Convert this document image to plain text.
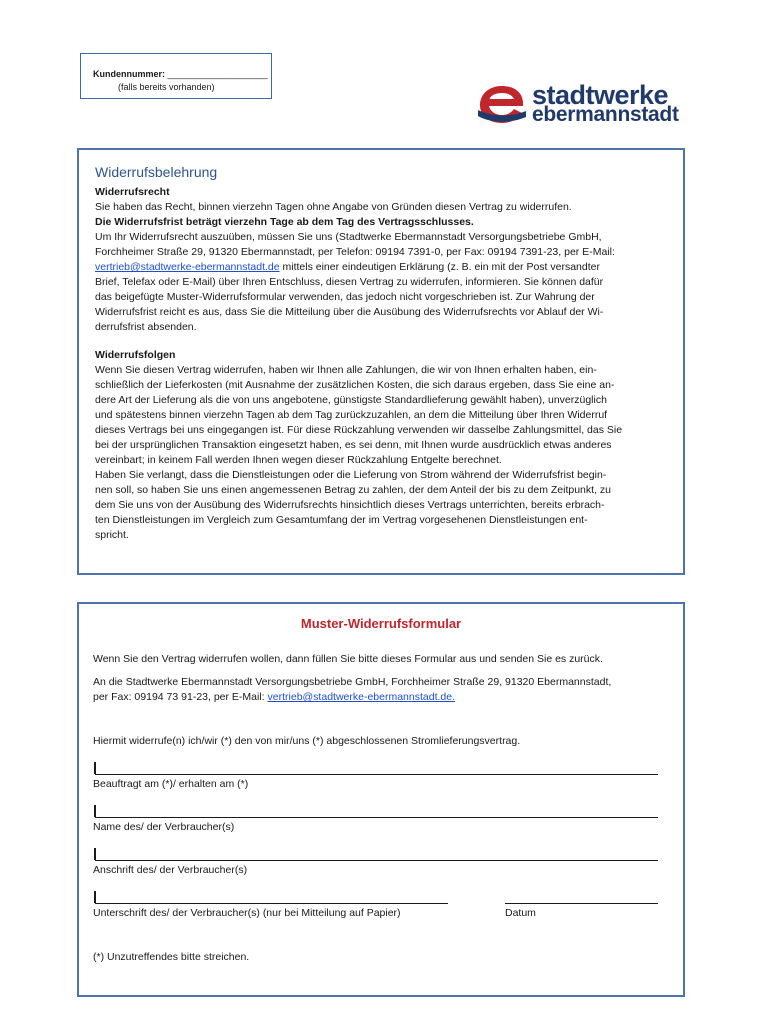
Kundennummer: ____________________
(falls bereits vorhanden)	stadtwerke
ebermannstadt
Widerrufsbelehrung

Widerrufsrecht

Sie haben das Recht, binnen vierzehn Tagen ohne Angabe von Gründen diesen Vertrag zu widerrufen.

Die Widerrufsfrist beträgt vierzehn Tage ab dem Tag des Vertragsschlusses.

Um Ihr Widerrufsrecht auszuüben, müssen Sie uns (Stadtwerke Ebermannstadt Versorgungsbetriebe GmbH,

Forchheimer Straße 29, 91320 Ebermannstadt, per Telefon: 09194 7391-0, per Fax: 09194 7391-23, per E-Mail:

vertrieb@stadtwerke-ebermannstadt.de mittels einer eindeutigen Erklärung (z. B. ein mit der Post versandter

Brief, Telefax oder E-Mail) über Ihren Entschluss, diesen Vertrag zu widerrufen, informieren. Sie können dafür

das beigefügte Muster-Widerrufsformular verwenden, das jedoch nicht vorgeschrieben ist. Zur Wahrung der

Widerrufsfrist reicht es aus, dass Sie die Mitteilung über die Ausübung des Widerrufsrechts vor Ablauf der Wi-

derrufsfrist absenden.

Widerrufsfolgen

Wenn Sie diesen Vertrag widerrufen, haben wir Ihnen alle Zahlungen, die wir von Ihnen erhalten haben, ein-

schließlich der Lieferkosten (mit Ausnahme der zusätzlichen Kosten, die sich daraus ergeben, dass Sie eine an-

dere Art der Lieferung als die von uns angebotene, günstigste Standardlieferung gewählt haben), unverzüglich

und spätestens binnen vierzehn Tagen ab dem Tag zurückzuzahlen, an dem die Mitteilung über Ihren Widerruf

dieses Vertrags bei uns eingegangen ist. Für diese Rückzahlung verwenden wir dasselbe Zahlungsmittel, das Sie

bei der ursprünglichen Transaktion eingesetzt haben, es sei denn, mit Ihnen wurde ausdrücklich etwas anderes

vereinbart; in keinem Fall werden Ihnen wegen dieser Rückzahlung Entgelte berechnet.

Haben Sie verlangt, dass die Dienstleistungen oder die Lieferung von Strom während der Widerrufsfrist begin-

nen soll, so haben Sie uns einen angemessenen Betrag zu zahlen, der dem Anteil der bis zu dem Zeitpunkt, zu

dem Sie uns von der Ausübung des Widerrufsrechts hinsichtlich dieses Vertrags unterrichten, bereits erbrach-

ten Dienstleistungen im Vergleich zum Gesamtumfang der im Vertrag vorgesehenen Dienstleistungen ent-

spricht.

Muster-Widerrufsformular
Wenn Sie den Vertrag widerrufen wollen, dann füllen Sie bitte dieses Formular aus und senden Sie es zurück.
An die Stadtwerke Ebermannstadt Versorgungsbetriebe GmbH, Forchheimer Straße 29, 91320 Ebermannstadt,
per Fax: 09194 73 91-23, per E-Mail: vertrieb@stadtwerke-ebermannstadt.de.
Hiermit widerrufe(n) ich/wir (*) den von mir/uns (*) abgeschlossenen Stromlieferungsvertrag.
Beauftragt am (*)/ erhalten am (*)
Name des/ der Verbraucher(s)
Anschrift des/ der Verbraucher(s)
Unterschrift des/ der Verbraucher(s) (nur bei Mitteilung auf Papier)	Datum
(*) Unzutreffendes bitte streichen.
